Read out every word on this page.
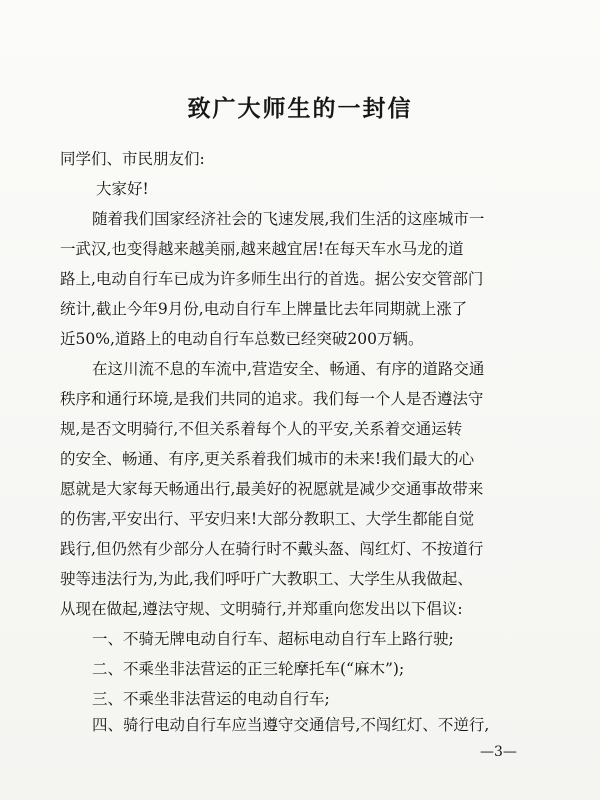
致广大师生的一封信
同学们、市民朋友们:
大家好!
随着我们国家经济社会的飞速发展,我们生活的这座城市一
一武汉,也变得越来越美丽,越来越宜居!在每天车水马龙的道
路上,电动自行车已成为许多师生出行的首选。据公安交管部门
统计,截止今年9月份,电动自行车上牌量比去年同期就上涨了
近50%,道路上的电动自行车总数已经突破200万辆。
在这川流不息的车流中,营造安全、畅通、有序的道路交通
秩序和通行环境,是我们共同的追求。我们每一个人是否遵法守
规,是否文明骑行,不但关系着每个人的平安,关系着交通运转
的安全、畅通、有序,更关系着我们城市的未来!我们最大的心
愿就是大家每天畅通出行,最美好的祝愿就是减少交通事故带来
的伤害,平安出行、平安归来!大部分教职工、大学生都能自觉
践行,但仍然有少部分人在骑行时不戴头盔、闯红灯、不按道行
驶等违法行为,为此,我们呼吁广大教职工、大学生从我做起、
从现在做起,遵法守规、文明骑行,并郑重向您发出以下倡议:
一、不骑无牌电动自行车、超标电动自行车上路行驶;
二、不乘坐非法营运的正三轮摩托车(“麻木”);
三、不乘坐非法营运的电动自行车;
四、骑行电动自行车应当遵守交通信号,不闯红灯、不逆行,
—3—
